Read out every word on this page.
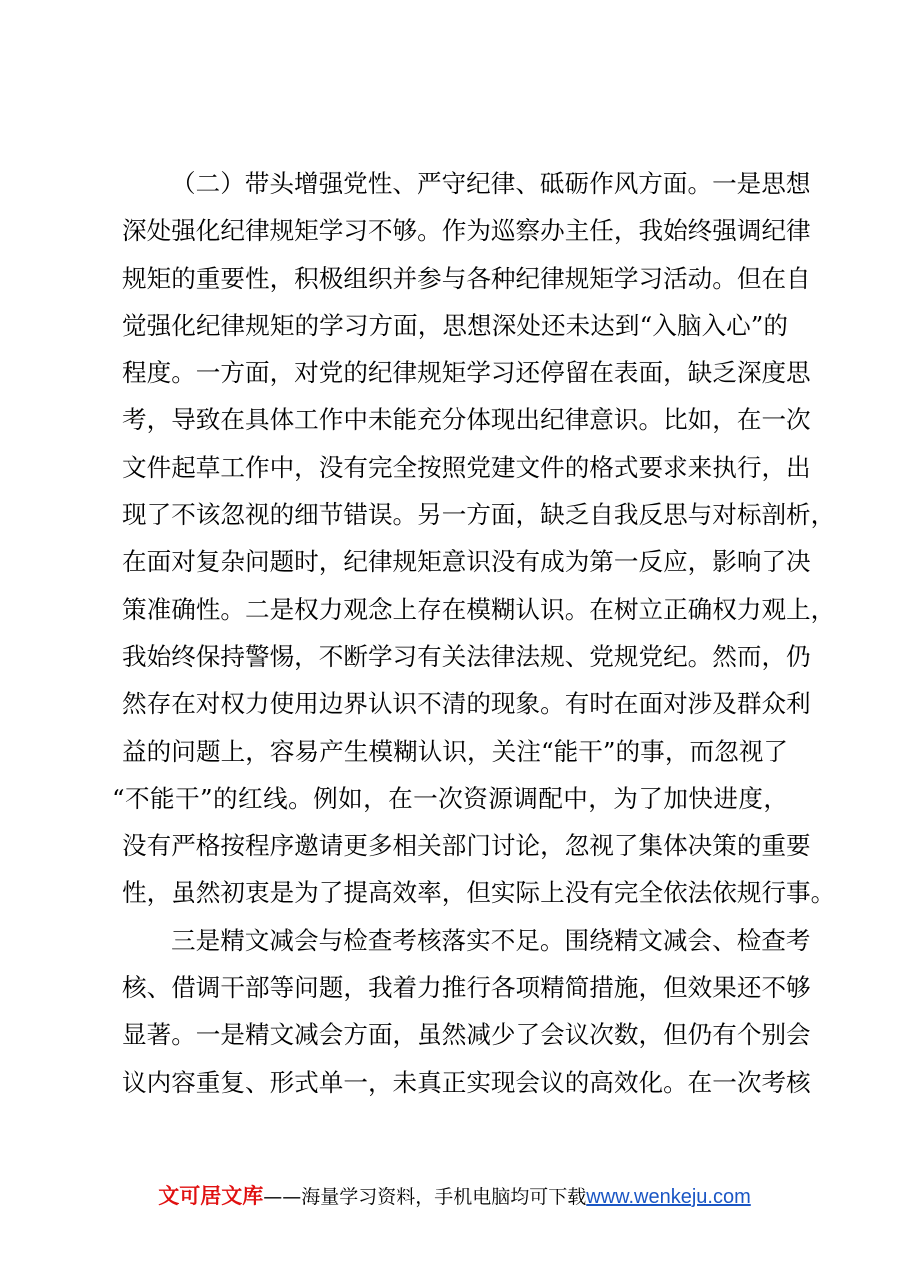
（二）带头增强党性、严守纪律、砥砺作风方面。一是思想
深处强化纪律规矩学习不够。作为巡察办主任，我始终强调纪律
规矩的重要性，积极组织并参与各种纪律规矩学习活动。但在自
觉强化纪律规矩的学习方面，思想深处还未达到“入脑入心”的
程度。一方面，对党的纪律规矩学习还停留在表面，缺乏深度思
考，导致在具体工作中未能充分体现出纪律意识。比如，在一次
文件起草工作中，没有完全按照党建文件的格式要求来执行，出
现了不该忽视的细节错误。另一方面，缺乏自我反思与对标剖析，
在面对复杂问题时，纪律规矩意识没有成为第一反应，影响了决
策准确性。二是权力观念上存在模糊认识。在树立正确权力观上，
我始终保持警惕，不断学习有关法律法规、党规党纪。然而，仍
然存在对权力使用边界认识不清的现象。有时在面对涉及群众利
益的问题上，容易产生模糊认识，关注“能干”的事，而忽视了
“不能干”的红线。例如，在一次资源调配中，为了加快进度，
没有严格按程序邀请更多相关部门讨论，忽视了集体决策的重要
性，虽然初衷是为了提高效率，但实际上没有完全依法依规行事。
三是精文减会与检查考核落实不足。围绕精文减会、检查考
核、借调干部等问题，我着力推行各项精简措施，但效果还不够
显著。一是精文减会方面，虽然减少了会议次数，但仍有个别会
议内容重复、形式单一，未真正实现会议的高效化。在一次考核
文可居文库——海量学习资料，手机电脑均可下载www.wenkeju.com
